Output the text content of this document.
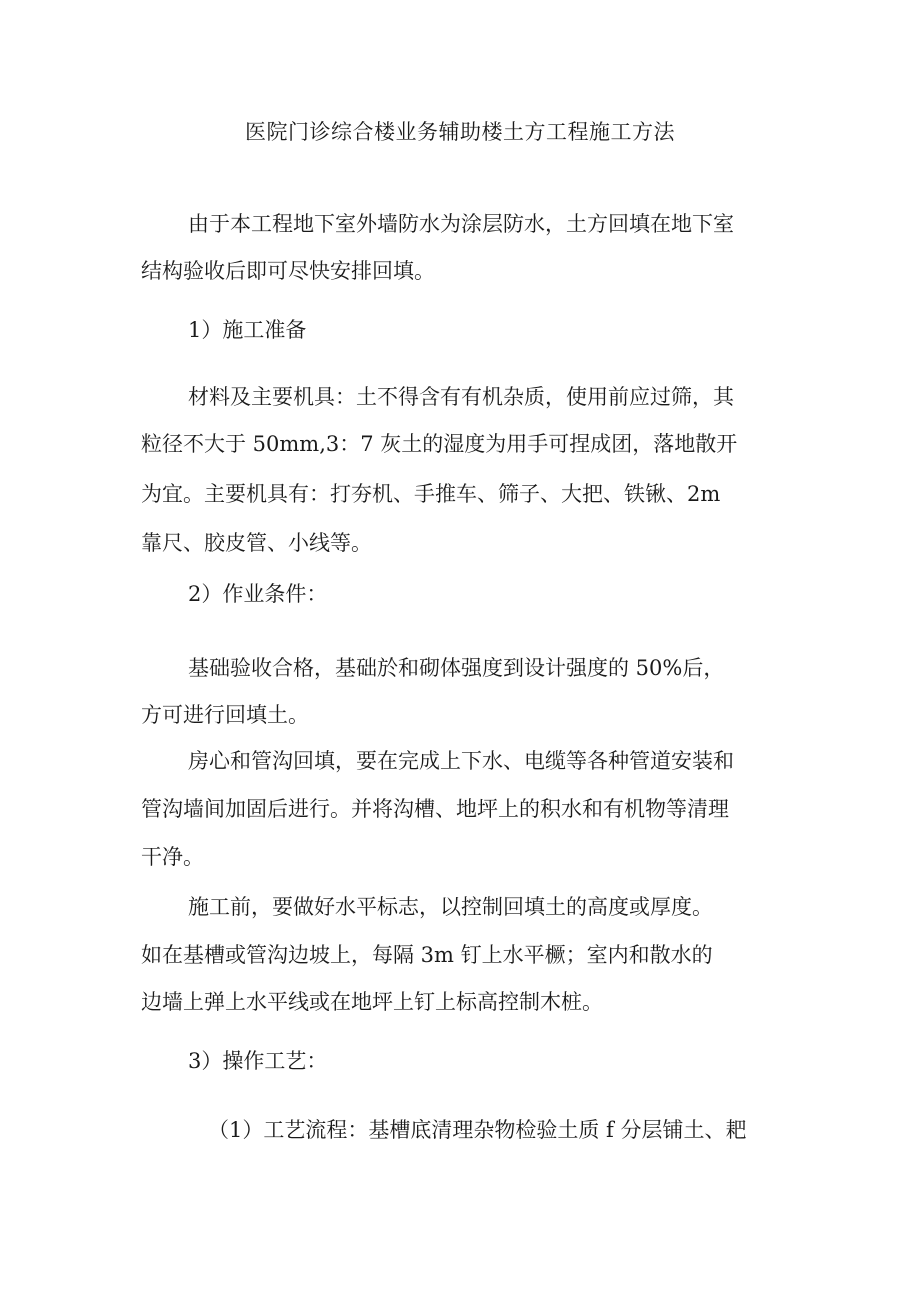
医院门诊综合楼业务辅助楼土方工程施工方法
由于本工程地下室外墙防水为涂层防水，土方回填在地下室
结构验收后即可尽快安排回填。
1）施工准备
材料及主要机具：土不得含有有机杂质，使用前应过筛，其
粒径不大于 50mm,3：7 灰土的湿度为用手可捏成团，落地散开
为宜。主要机具有：打夯机、手推车、筛子、大把、铁锹、2m
靠尺、胶皮管、小线等。
2）作业条件：
基础验收合格，基础於和砌体强度到设计强度的 50%后，
方可进行回填土。
房心和管沟回填，要在完成上下水、电缆等各种管道安装和
管沟墙间加固后进行。并将沟槽、地坪上的积水和有机物等清理
干净。
施工前，要做好水平标志，以控制回填土的高度或厚度。
如在基槽或管沟边坡上，每隔 3m 钉上水平橛；室内和散水的
边墙上弹上水平线或在地坪上钉上标高控制木桩。
3）操作工艺：
（1）工艺流程：基槽底清理杂物检验土质 f 分层铺土、耙
